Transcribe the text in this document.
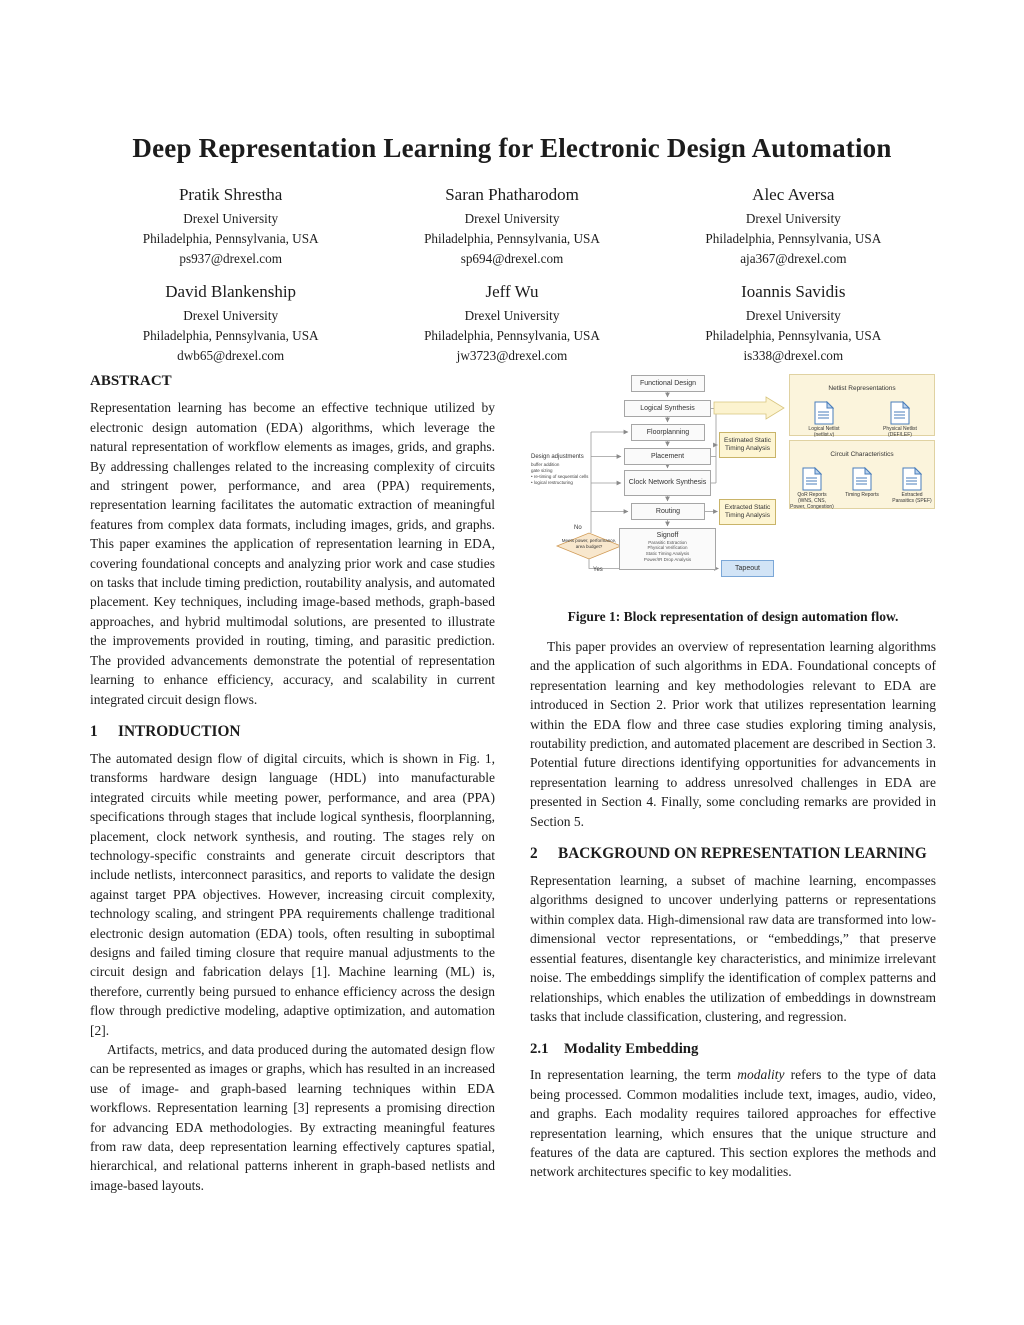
Deep Representation Learning for Electronic Design Automation
Pratik Shrestha
Drexel University
Philadelphia, Pennsylvania, USA
ps937@drexel.com
Saran Phatharodom
Drexel University
Philadelphia, Pennsylvania, USA
sp694@drexel.com
Alec Aversa
Drexel University
Philadelphia, Pennsylvania, USA
aja367@drexel.com
David Blankenship
Drexel University
Philadelphia, Pennsylvania, USA
dwb65@drexel.com
Jeff Wu
Drexel University
Philadelphia, Pennsylvania, USA
jw3723@drexel.com
Ioannis Savidis
Drexel University
Philadelphia, Pennsylvania, USA
is338@drexel.com
ABSTRACT

Representation learning has become an effective technique utilized by electronic design automation (EDA) algorithms, which leverage the natural representation of workflow elements as images, grids, and graphs. By addressing challenges related to the increasing complexity of circuits and stringent power, performance, and area (PPA) requirements, representation learning facilitates the automatic extraction of meaningful features from complex data formats, including images, grids, and graphs. This paper examines the application of representation learning in EDA, covering foundational concepts and analyzing prior work and case studies on tasks that include timing prediction, routability analysis, and automated placement. Key techniques, including image-based methods, graph-based approaches, and hybrid multimodal solutions, are presented to illustrate the improvements provided in routing, timing, and parasitic prediction. The provided advancements demonstrate the potential of representation learning to enhance efficiency, accuracy, and scalability in current integrated circuit design flows.

1	INTRODUCTION

The automated design flow of digital circuits, which is shown in Fig. 1, transforms hardware design language (HDL) into manufacturable integrated circuits while meeting power, performance, and area (PPA) specifications through stages that include logical synthesis, floorplanning, placement, clock network synthesis, and routing. The stages rely on technology-specific constraints and generate circuit descriptors that include netlists, interconnect parasitics, and reports to validate the design against target PPA objectives. However, increasing circuit complexity, technology scaling, and stringent PPA requirements challenge traditional electronic design automation (EDA) tools, often resulting in suboptimal designs and failed timing closure that require manual adjustments to the circuit design and fabrication delays [1]. Machine learning (ML) is, therefore, currently being pursued to enhance efficiency across the design flow through predictive modeling, adaptive optimization, and automation [2].

Artifacts, metrics, and data produced during the automated design flow can be represented as images or graphs, which has resulted in an increased use of image- and graph-based learning techniques within EDA workflows. Representation learning [3] represents a promising direction for advancing EDA methodologies. By extracting meaningful features from raw data, deep representation learning effectively captures spatial, hierarchical, and relational patterns inherent in graph-based netlists and image-based layouts.

Functional Design
Logical Synthesis
Floorplanning
Placement
Clock Network Synthesis
Routing
Signoff
Parasitic Extraction
Physical Verification
Static Timing Analysis
Power/IR Drop Analysis
Estimated Static Timing Analysis
Extracted Static Timing Analysis
Tapeout
Meets power, performance, area budget?
No
Yes
Design adjustments
buffer addition
gate sizing
• re-timing of sequential cells
• logical restructuring
Netlist Representations
Logical Netlist (netlist.v)
Physical Netlist (DEF/LEF)
Circuit Characteristics
QoR Reports (WNS, CNS, Power, Congestion)
Timing Reports	Extracted Parasitics (SPEF)
Figure 1: Block representation of design automation flow.

This paper provides an overview of representation learning algorithms and the application of such algorithms in EDA. Foundational concepts of representation learning and key methodologies relevant to EDA are introduced in Section 2. Prior work that utilizes representation learning within the EDA flow and three case studies exploring timing analysis, routability prediction, and automated placement are described in Section 3. Potential future directions identifying opportunities for advancements in representation learning to address unresolved challenges in EDA are presented in Section 4. Finally, some concluding remarks are provided in Section 5.

2	BACKGROUND ON REPRESENTATION LEARNING

Representation learning, a subset of machine learning, encompasses algorithms designed to uncover underlying patterns or representations within complex data. High-dimensional raw data are transformed into low-dimensional vector representations, or “embeddings,” that preserve essential features, disentangle key characteristics, and minimize irrelevant noise. The embeddings simplify the identification of complex patterns and relationships, which enables the utilization of embeddings in downstream tasks that include classification, clustering, and regression.

2.1	Modality Embedding

In representation learning, the term modality refers to the type of data being processed. Common modalities include text, images, audio, video, and graphs. Each modality requires tailored approaches for effective representation learning, which ensures that the unique structure and features of the data are captured. This section explores the methods and network architectures specific to key modalities.
